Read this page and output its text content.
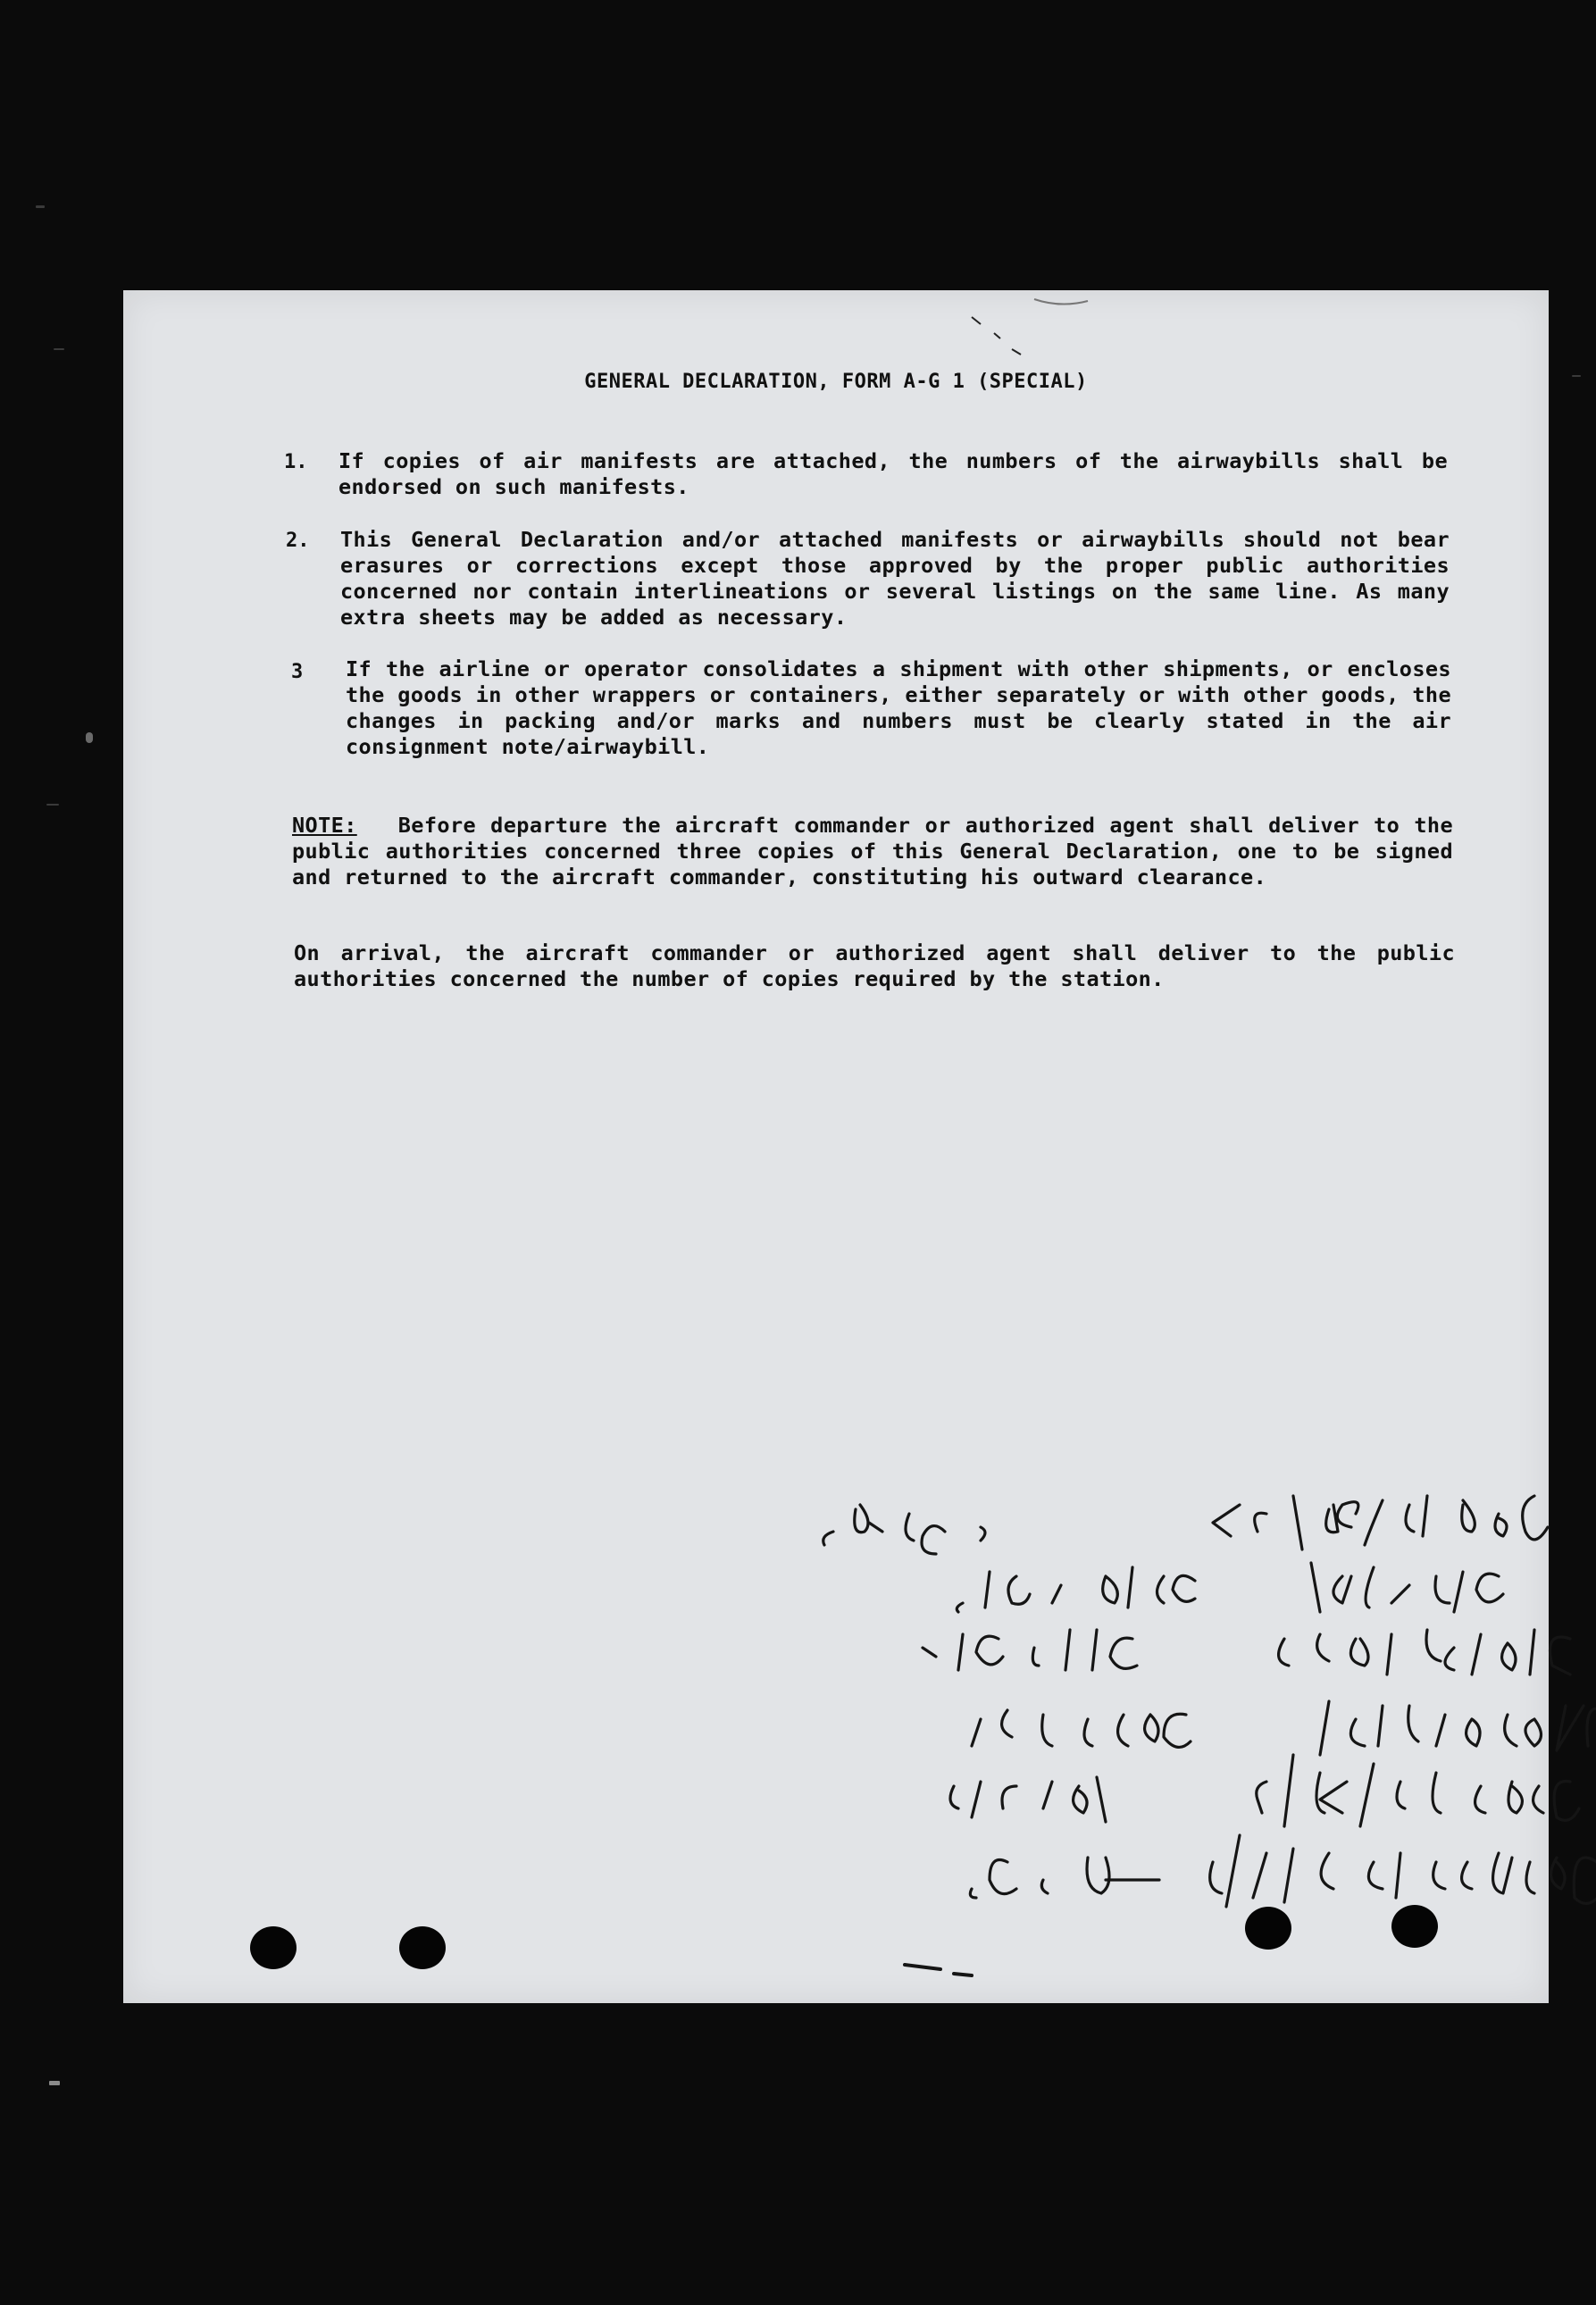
GENERAL DECLARATION, FORM A-G 1 (SPECIAL)
1. If copies of air manifests are attached, the numbers of the airwaybills shall be endorsed on such manifests.
2. This General Declaration and/or attached manifests or airwaybills should not bear erasures or corrections except those approved by the proper public authorities concerned nor contain interlineations or several listings on the same line. As many extra sheets may be added as necessary.
3 If the airline or operator consolidates a shipment with other shipments, or encloses the goods in other wrappers or containers, either separately or with other goods, the changes in packing and/or marks and numbers must be clearly stated in the air consignment note/airwaybill.
NOTE: Before departure the aircraft commander or authorized agent shall deliver to the public authorities concerned three copies of this General Declaration, one to be signed and returned to the aircraft commander, constituting his outward clearance.
On arrival, the aircraft commander or authorized agent shall deliver to the public authorities concerned the number of copies required by the station.
